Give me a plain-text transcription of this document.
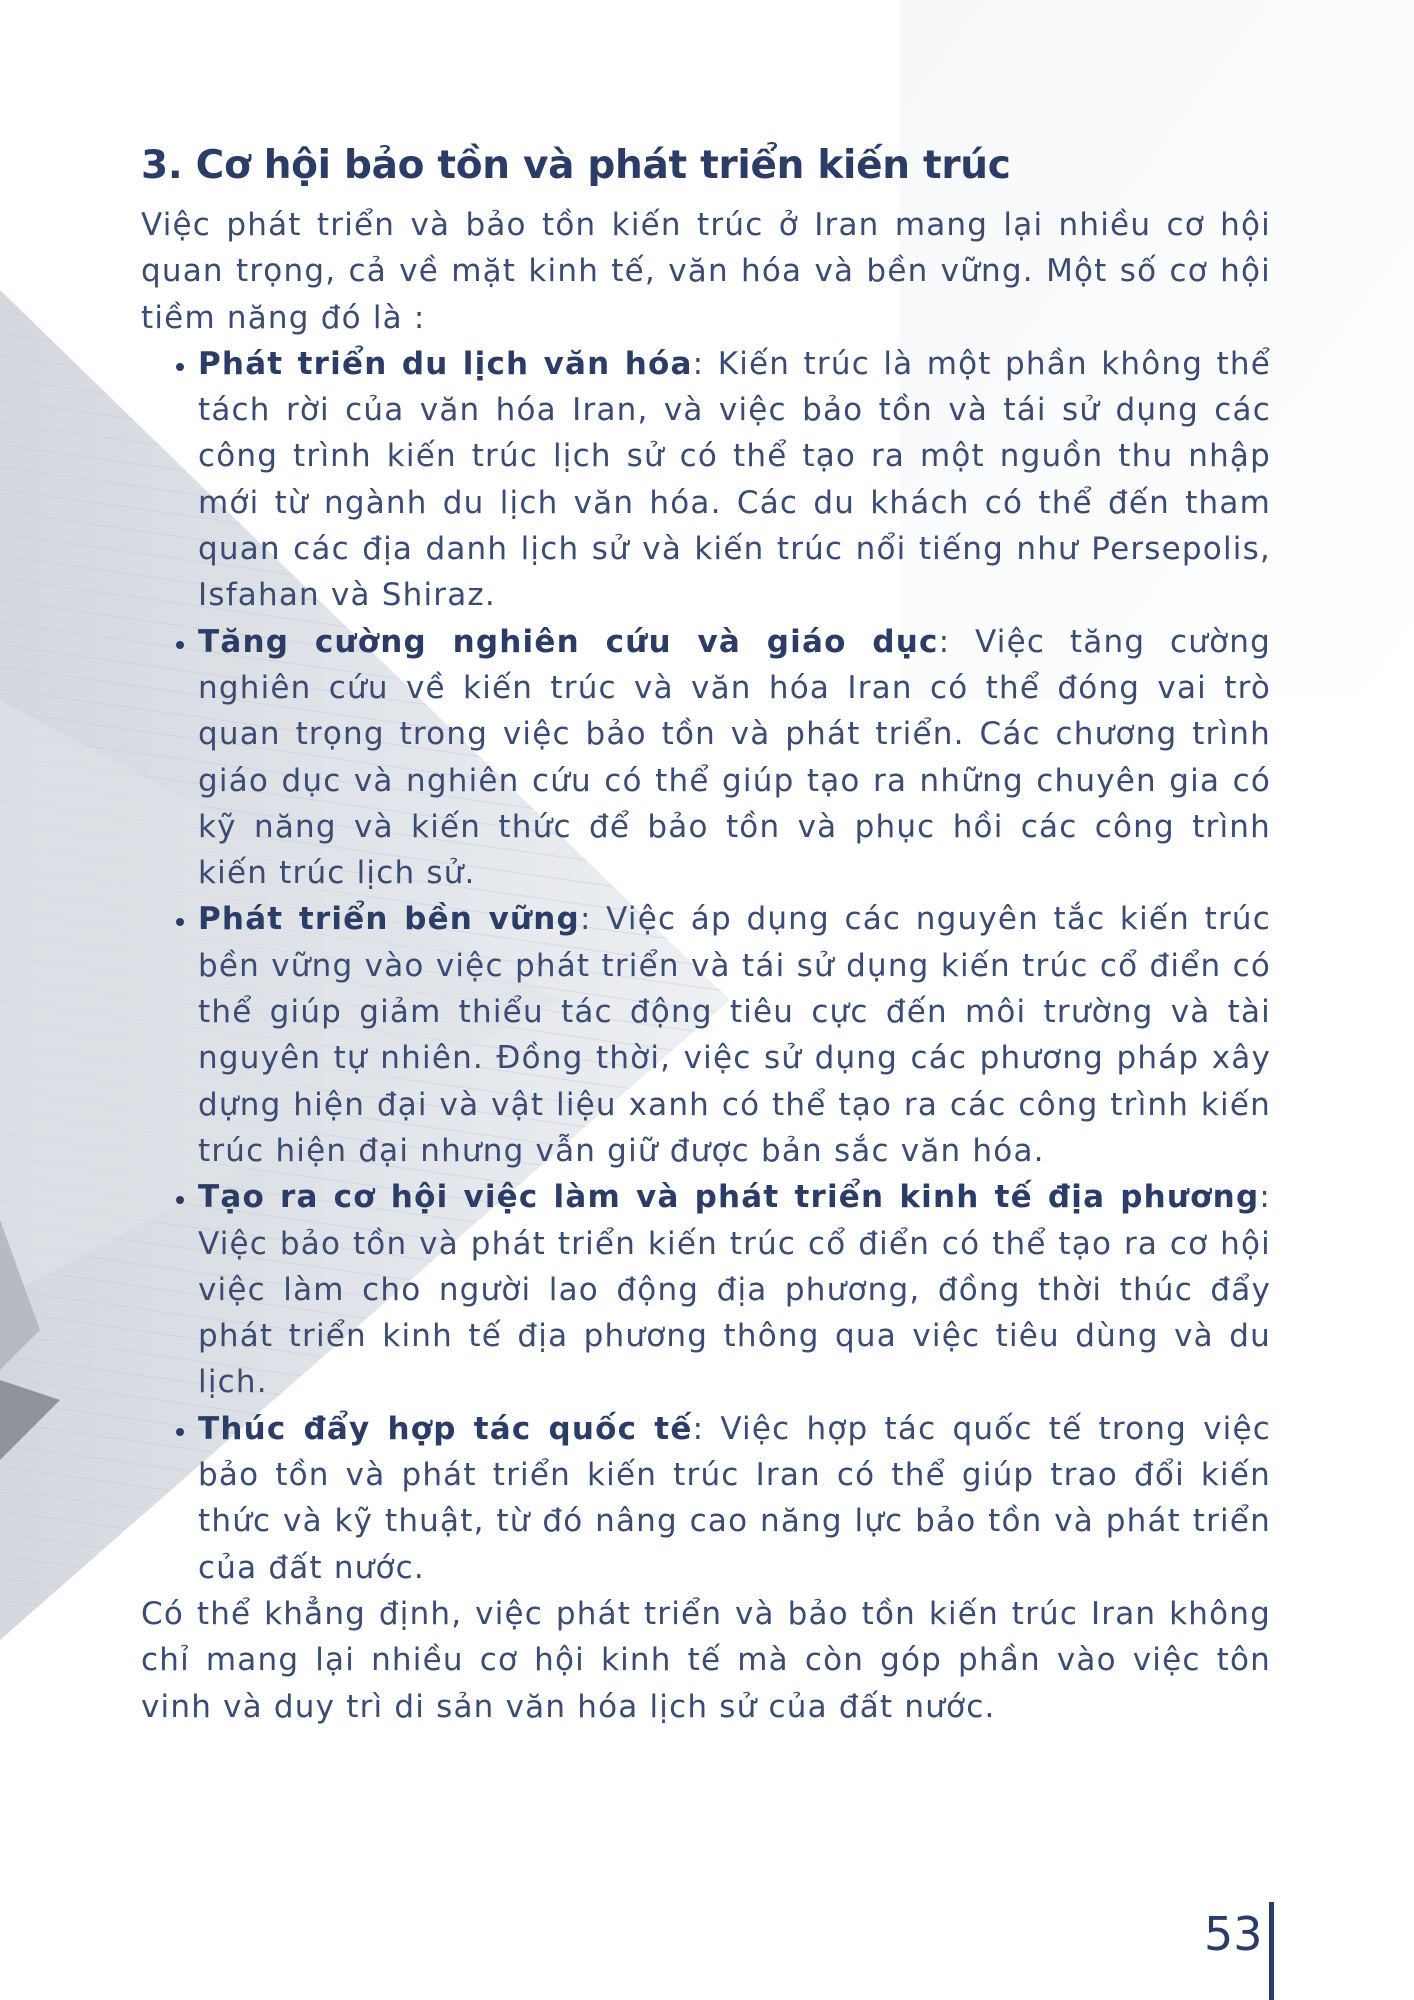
3. Cơ hội bảo tồn và phát triển kiến trúc

Việc phát triển và bảo tồn kiến trúc ở Iran mang lại nhiều cơ hội quan trọng, cả về mặt kinh tế, văn hóa và bền vững. Một số cơ hội tiềm năng đó là :

• Phát triển du lịch văn hóa: Kiến trúc là một phần không thể tách rời của văn hóa Iran, và việc bảo tồn và tái sử dụng các công trình kiến trúc lịch sử có thể tạo ra một nguồn thu nhập mới từ ngành du lịch văn hóa. Các du khách có thể đến tham quan các địa danh lịch sử và kiến trúc nổi tiếng như Persepolis, Isfahan và Shiraz.
• Tăng cường nghiên cứu và giáo dục: Việc tăng cường nghiên cứu về kiến trúc và văn hóa Iran có thể đóng vai trò quan trọng trong việc bảo tồn và phát triển. Các chương trình giáo dục và nghiên cứu có thể giúp tạo ra những chuyên gia có kỹ năng và kiến thức để bảo tồn và phục hồi các công trình kiến trúc lịch sử.
• Phát triển bền vững: Việc áp dụng các nguyên tắc kiến trúc bền vững vào việc phát triển và tái sử dụng kiến trúc cổ điển có thể giúp giảm thiểu tác động tiêu cực đến môi trường và tài nguyên tự nhiên. Đồng thời, việc sử dụng các phương pháp xây dựng hiện đại và vật liệu xanh có thể tạo ra các công trình kiến trúc hiện đại nhưng vẫn giữ được bản sắc văn hóa.
• Tạo ra cơ hội việc làm và phát triển kinh tế địa phương: Việc bảo tồn và phát triển kiến trúc cổ điển có thể tạo ra cơ hội việc làm cho người lao động địa phương, đồng thời thúc đẩy phát triển kinh tế địa phương thông qua việc tiêu dùng và du lịch.
• Thúc đẩy hợp tác quốc tế: Việc hợp tác quốc tế trong việc bảo tồn và phát triển kiến trúc Iran có thể giúp trao đổi kiến thức và kỹ thuật, từ đó nâng cao năng lực bảo tồn và phát triển của đất nước.

Có thể khẳng định, việc phát triển và bảo tồn kiến trúc Iran không chỉ mang lại nhiều cơ hội kinh tế mà còn góp phần vào việc tôn vinh và duy trì di sản văn hóa lịch sử của đất nước.

53
